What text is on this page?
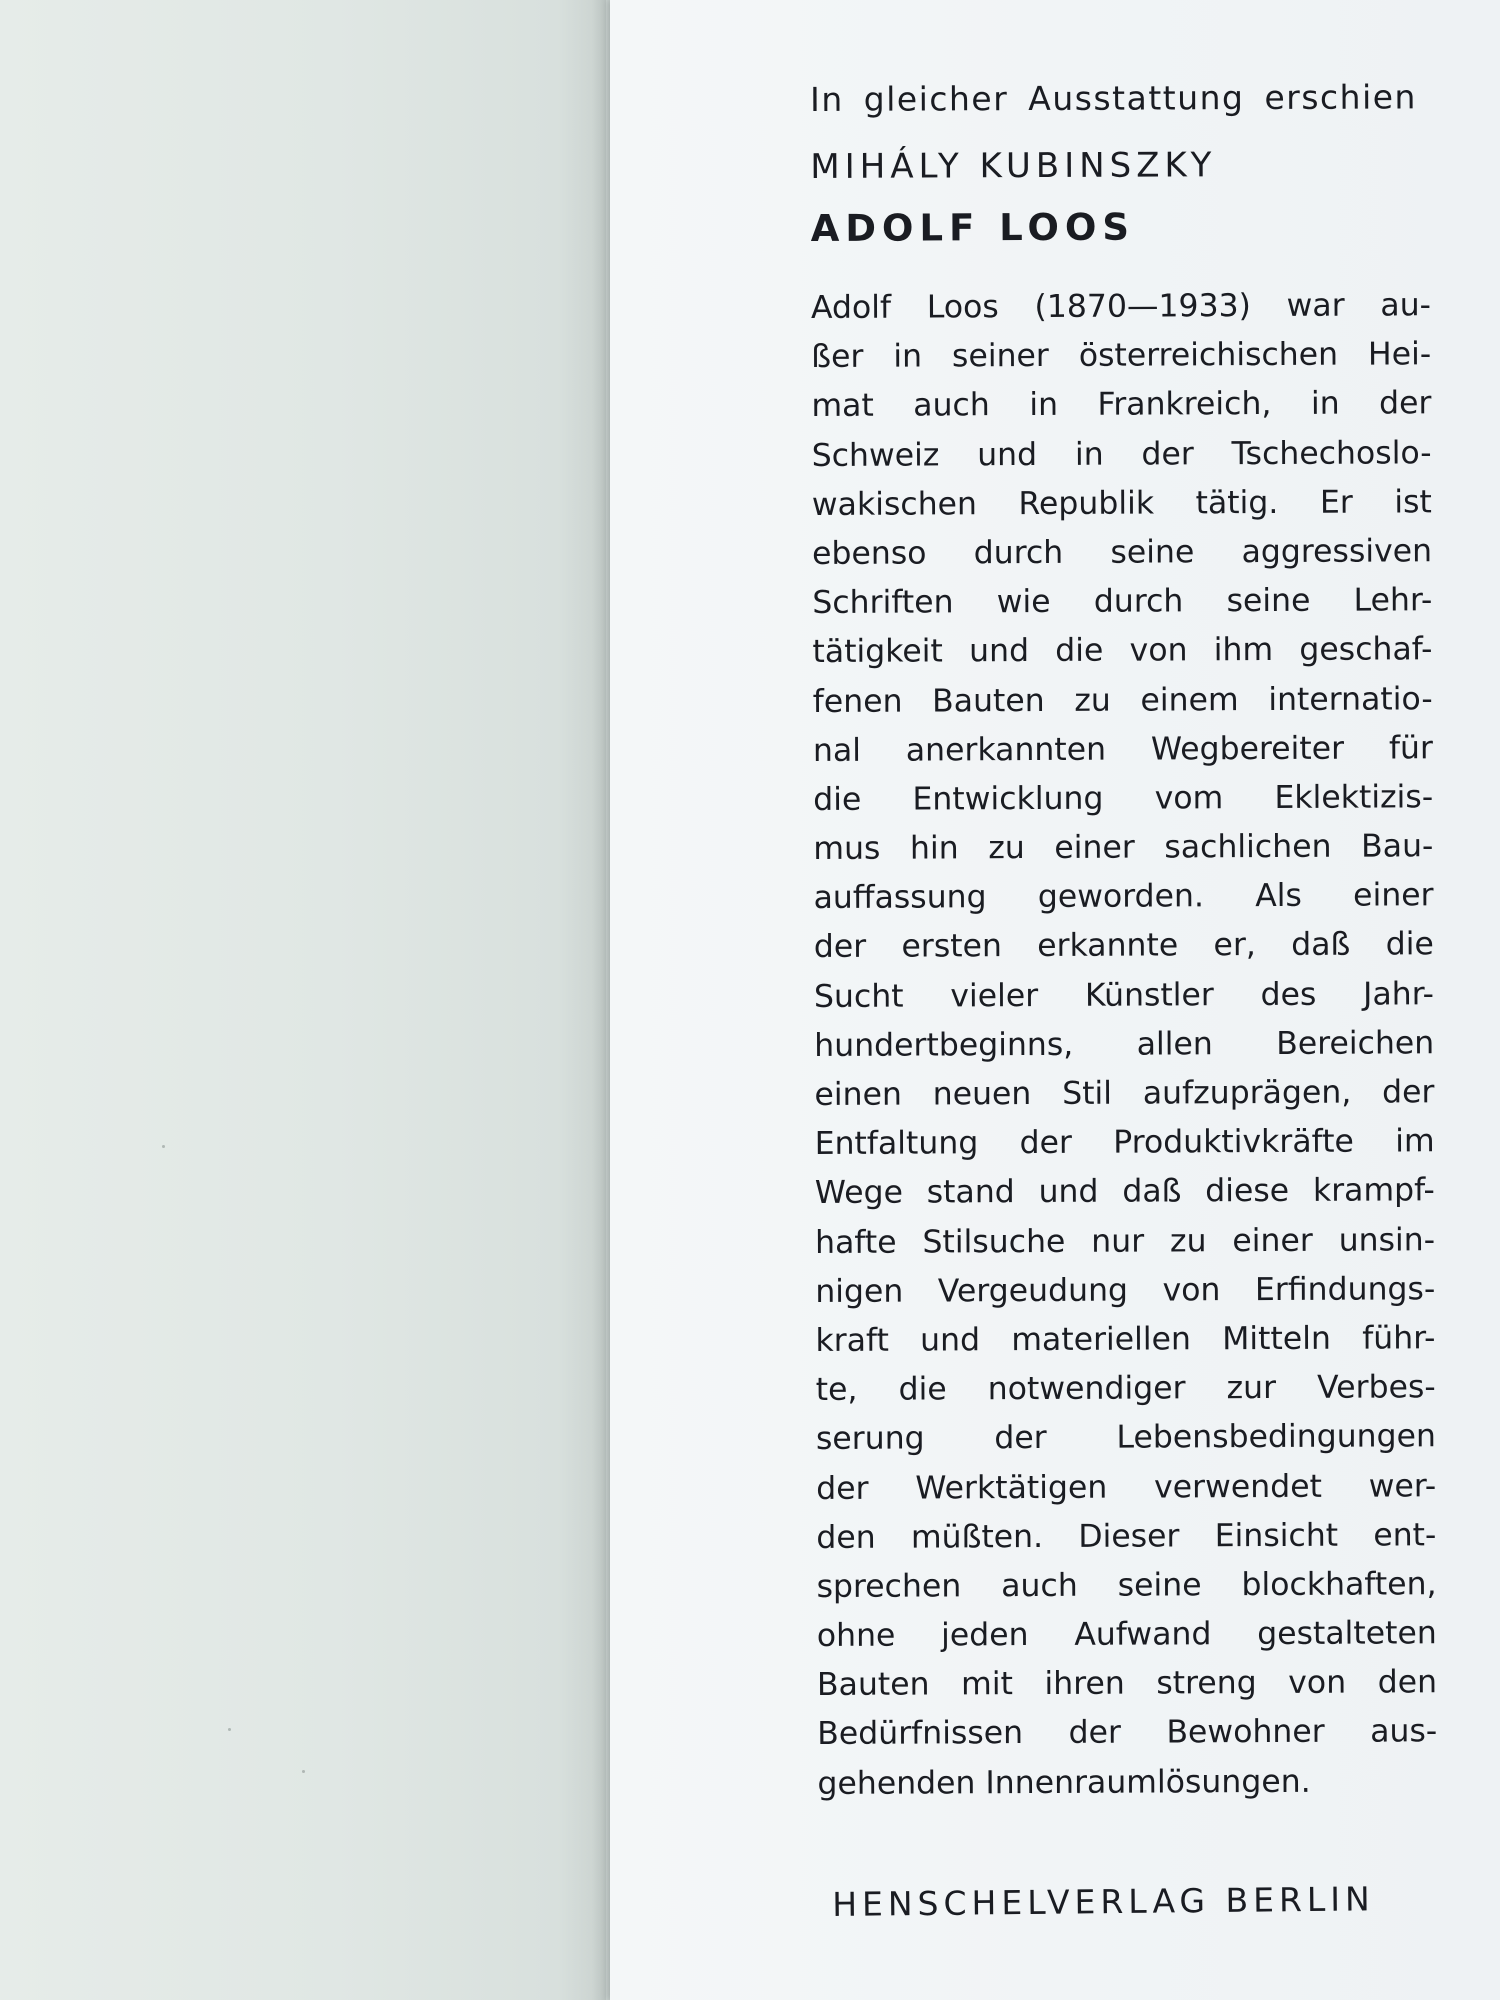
In gleicher Ausstattung erschien
MIHÁLY KUBINSZKY
ADOLF LOOS
Adolf Loos (1870—1933) war au-
ßer in seiner österreichischen Hei-
mat auch in Frankreich, in der
Schweiz und in der Tschechoslo-
wakischen Republik tätig. Er ist
ebenso durch seine aggressiven
Schriften wie durch seine Lehr-
tätigkeit und die von ihm geschaf-
fenen Bauten zu einem internatio-
nal anerkannten Wegbereiter für
die Entwicklung vom Eklektizis-
mus hin zu einer sachlichen Bau-
auffassung geworden. Als einer
der ersten erkannte er, daß die
Sucht vieler Künstler des Jahr-
hundertbeginns, allen Bereichen
einen neuen Stil aufzuprägen, der
Entfaltung der Produktivkräfte im
Wege stand und daß diese krampf-
hafte Stilsuche nur zu einer unsin-
nigen Vergeudung von Erfindungs-
kraft und materiellen Mitteln führ-
te, die notwendiger zur Verbes-
serung der Lebensbedingungen
der Werktätigen verwendet wer-
den müßten. Dieser Einsicht ent-
sprechen auch seine blockhaften,
ohne jeden Aufwand gestalteten
Bauten mit ihren streng von den
Bedürfnissen der Bewohner aus-
gehenden Innenraumlösungen.
HENSCHELVERLAG BERLIN
